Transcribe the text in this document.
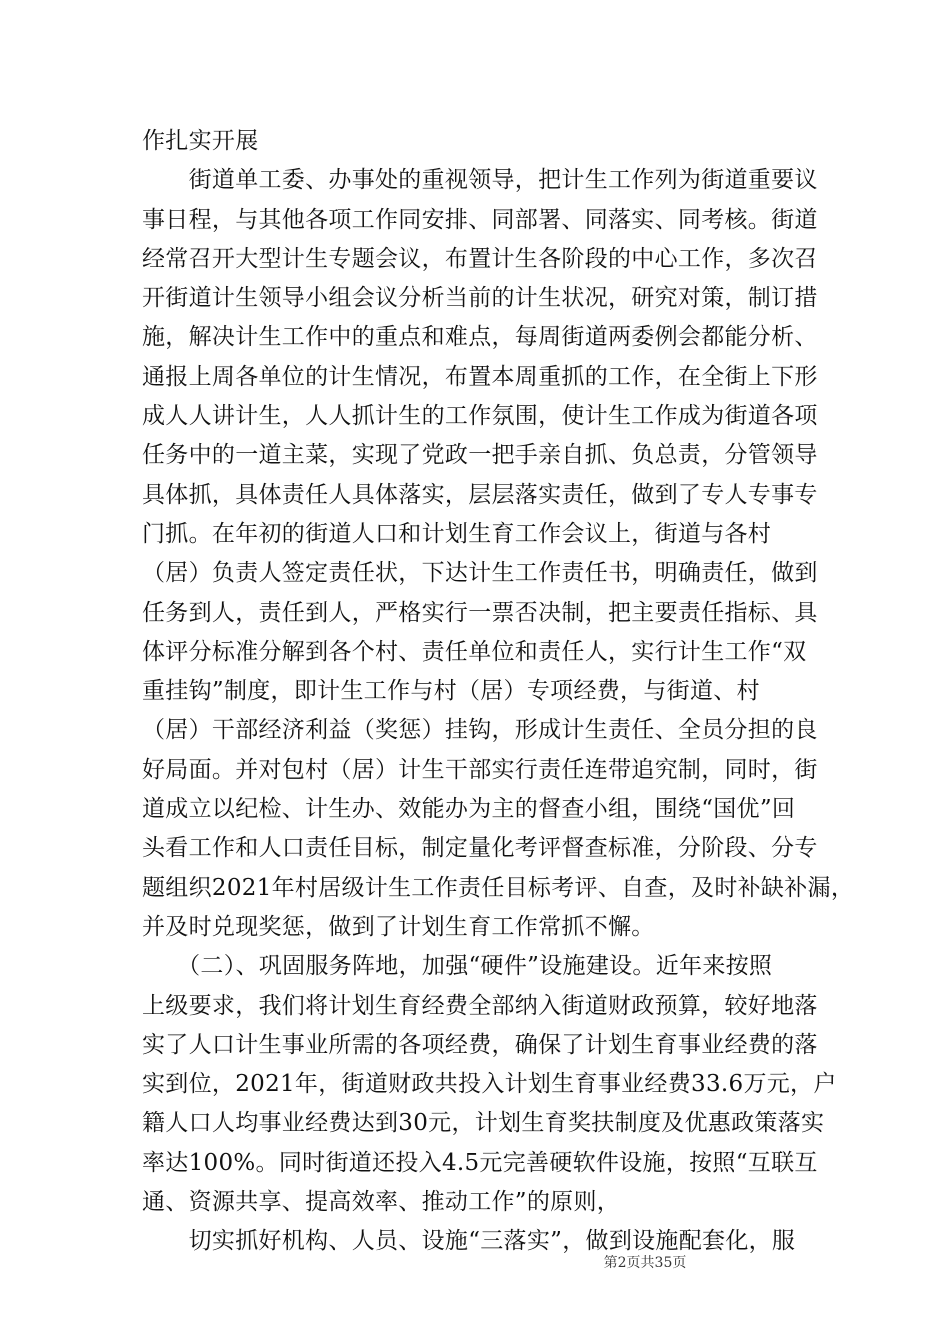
作扎实开展
　　街道单工委、办事处的重视领导，把计生工作列为街道重要议
事日程，与其他各项工作同安排、同部署、同落实、同考核。街道
经常召开大型计生专题会议，布置计生各阶段的中心工作，多次召
开街道计生领导小组会议分析当前的计生状况，研究对策，制订措
施，解决计生工作中的重点和难点，每周街道两委例会都能分析、
通报上周各单位的计生情况，布置本周重抓的工作，在全街上下形
成人人讲计生，人人抓计生的工作氛围，使计生工作成为街道各项
任务中的一道主菜，实现了党政一把手亲自抓、负总责，分管领导
具体抓，具体责任人具体落实，层层落实责任，做到了专人专事专
门抓。在年初的街道人口和计划生育工作会议上，街道与各村
（居）负责人签定责任状，下达计生工作责任书，明确责任，做到
任务到人，责任到人，严格实行一票否决制，把主要责任指标、具
体评分标准分解到各个村、责任单位和责任人，实行计生工作“双
重挂钩”制度，即计生工作与村（居）专项经费，与街道、村
（居）干部经济利益（奖惩）挂钩，形成计生责任、全员分担的良
好局面。并对包村（居）计生干部实行责任连带追究制，同时，街
道成立以纪检、计生办、效能办为主的督查小组，围绕“国优”回
头看工作和人口责任目标，制定量化考评督查标准，分阶段、分专
题组织2021年村居级计生工作责任目标考评、自查，及时补缺补漏，
并及时兑现奖惩，做到了计划生育工作常抓不懈。
　　（二）、巩固服务阵地，加强“硬件”设施建设。近年来按照
上级要求，我们将计划生育经费全部纳入街道财政预算，较好地落
实了人口计生事业所需的各项经费，确保了计划生育事业经费的落
实到位，2021年，街道财政共投入计划生育事业经费33.6万元，户
籍人口人均事业经费达到30元，计划生育奖扶制度及优惠政策落实
率达100%。同时街道还投入4.5元完善硬软件设施，按照“互联互
通、资源共享、提高效率、推动工作”的原则，
　　切实抓好机构、人员、设施“三落实”，做到设施配套化，服
第2页共35页
